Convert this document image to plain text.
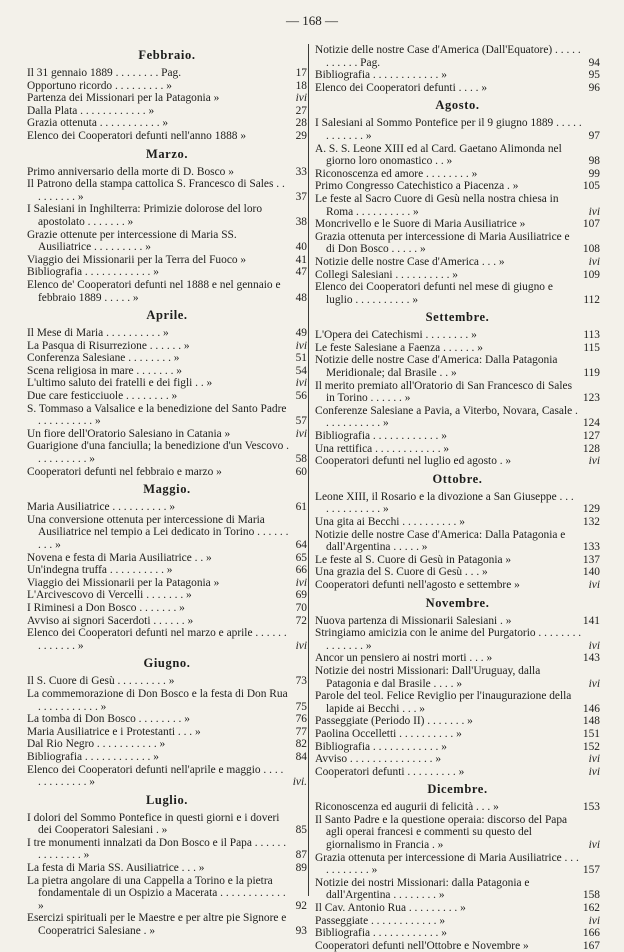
— 168 —
Febbraio.
Il 31 gennaio 1889 . . . . . . . . Pag.	17
Opportuno ricordo . . . . . . . . . »	18
Partenza dei Missionari per la Patagonia »	ivi
Dalla Plata . . . . . . . . . . . . »	27
Grazia ottenuta . . . . . . . . . . . »	28
Elenco dei Cooperatori defunti nell'anno 1888 »	29
Marzo.
Primo anniversario della morte di D. Bosco »	33
Il Patrono della stampa cattolica S. Francesco di Sales . . . . . . . . . »	37
I Salesiani in Inghilterra: Primizie dolorose del loro apostolato . . . . . . . »	38
Grazie ottenute per intercessione di Maria SS. Ausiliatrice . . . . . . . . . »	40
Viaggio dei Missionarii per la Terra del Fuoco »	41
Bibliografia . . . . . . . . . . . . »	47
Elenco de' Cooperatori defunti nel 1888 e nel gennaio e febbraio 1889 . . . . . »	48
Aprile.
Il Mese di Maria . . . . . . . . . . »	49
La Pasqua di Risurrezione . . . . . . »	ivi
Conferenza Salesiane . . . . . . . . »	51
Scena religiosa in mare . . . . . . . »	54
L'ultimo saluto dei fratelli e dei figli . . »	ivi
Due care festicciuole . . . . . . . . »	56
S. Tommaso a Valsalice e la benedizione del Santo Padre . . . . . . . . . . »	57
Un fiore dell'Oratorio Salesiano in Catania »	ivi
Guarigione d'una fanciulla; la benedizione d'un Vescovo . . . . . . . . . . »	58
Cooperatori defunti nel febbraio e marzo »	60
Maggio.
Maria Ausiliatrice . . . . . . . . . . »	61
Una conversione ottenuta per intercessione di Maria Ausiliatrice nel tempio a Lei dedicato in Torino . . . . . . . . . »	64
Novena e festa di Maria Ausiliatrice . . »	65
Un'indegna truffa . . . . . . . . . . »	66
Viaggio dei Missionarii per la Patagonia »	ivi
L'Arcivescovo di Vercelli . . . . . . . »	69
I Riminesi a Don Bosco . . . . . . . »	70
Avviso ai signori Sacerdoti . . . . . . »	72
Elenco dei Cooperatori defunti nel marzo e aprile . . . . . . . . . . . . . »	ivi
Giugno.
Il S. Cuore di Gesù . . . . . . . . . »	73
La commemorazione di Don Bosco e la festa di Don Rua . . . . . . . . . . . »	75
La tomba di Don Bosco . . . . . . . . »	76
Maria Ausiliatrice e i Protestanti . . . »	77
Dal Rio Negro . . . . . . . . . . . »	82
Bibliografia . . . . . . . . . . . . »	84
Elenco dei Cooperatori defunti nell'aprile e maggio . . . . . . . . . . . . . »	ivi.
Luglio.
I dolori del Sommo Pontefice in questi giorni e i doveri dei Cooperatori Salesiani . »	85
I tre monumenti innalzati da Don Bosco e il Papa . . . . . . . . . . . . . . »	87
La festa di Maria SS. Ausiliatrice . . . »	89
La pietra angolare di una Cappella a Torino e la pietra fondamentale di un Ospizio a Macerata . . . . . . . . . . . . »	92
Esercizi spirituali per le Maestre e per altre pie Signore e Cooperatrici Salesiane . »	93
Notizie delle nostre Case d'America (Dall'Equatore) . . . . . . . . . . . Pag.	94
Bibliografia . . . . . . . . . . . . »	95
Elenco dei Cooperatori defunti . . . . »	96
Agosto.
I Salesiani al Sommo Pontefice per il 9 giugno 1889 . . . . . . . . . . . . »	97
A. S. S. Leone XIII ed al Card. Gaetano Alimonda nel giorno loro onomastico . . »	98
Riconoscenza ed amore . . . . . . . . »	99
Primo Congresso Catechistico a Piacenza . »	105
Le feste al Sacro Cuore di Gesù nella nostra chiesa in Roma . . . . . . . . . . »	ivi
Moncrivello e le Suore di Maria Ausiliatrice »	107
Grazia ottenuta per intercessione di Maria Ausiliatrice e di Don Bosco . . . . . »	108
Notizie delle nostre Case d'America . . . »	ivi
Collegi Salesiani . . . . . . . . . . »	109
Elenco dei Cooperatori defunti nel mese di giugno e luglio . . . . . . . . . . »	112
Settembre.
L'Opera dei Catechismi . . . . . . . . »	113
Le feste Salesiane a Faenza . . . . . . »	115
Notizie delle nostre Case d'America: Dalla Patagonia Meridionale; dal Brasile . . »	119
Il merito premiato all'Oratorio di San Francesco di Sales in Torino . . . . . . »	123
Conferenze Salesiane a Pavia, a Viterbo, Novara, Casale . . . . . . . . . . . »	124
Bibliografia . . . . . . . . . . . . »	127
Una rettifica . . . . . . . . . . . . »	128
Cooperatori defunti nel luglio ed agosto . »	ivi
Ottobre.
Leone XIII, il Rosario e la divozione a San Giuseppe . . . . . . . . . . . . . »	129
Una gita ai Becchi . . . . . . . . . . »	132
Notizie delle nostre Case d'America: Dalla Patagonia e dall'Argentina . . . . . »	133
Le feste al S. Cuore di Gesù in Patagonia »	137
Una grazia del S. Cuore di Gesù . . . »	140
Cooperatori defunti nell'agosto e settembre »	ivi
Novembre.
Nuova partenza di Missionarii Salesiani . »	141
Stringiamo amicizia con le anime del Purgatorio . . . . . . . . . . . . . . . »	ivi
Ancor un pensiero ai nostri morti . . . »	143
Notizie dei nostri Missionari: Dall'Uruguay, dalla Patagonia e dal Brasile . . . . »	ivi
Parole del teol. Felice Reviglio per l'inaugurazione della lapide ai Becchi . . . »	146
Passeggiate (Periodo II) . . . . . . . »	148
Paolina Occelletti . . . . . . . . . . »	151
Bibliografia . . . . . . . . . . . . »	152
Avviso . . . . . . . . . . . . . . . »	ivi
Cooperatori defunti . . . . . . . . . »	ivi
Dicembre.
Riconoscenza ed augurii di felicità . . . »	153
Il Santo Padre e la questione operaia: discorso del Papa agli operai francesi e commenti su questo del giornalismo in Francia . »	ivi
Grazia ottenuta per intercessione di Maria Ausiliatrice . . . . . . . . . . . »	157
Notizie dei nostri Missionari: dalla Patagonia e dall'Argentina . . . . . . . . »	158
Il Cav. Antonio Rua . . . . . . . . . »	162
Passeggiate . . . . . . . . . . . . »	ivi
Bibliografia . . . . . . . . . . . . »	166
Cooperatori defunti nell'Ottobre e Novembre »	167
